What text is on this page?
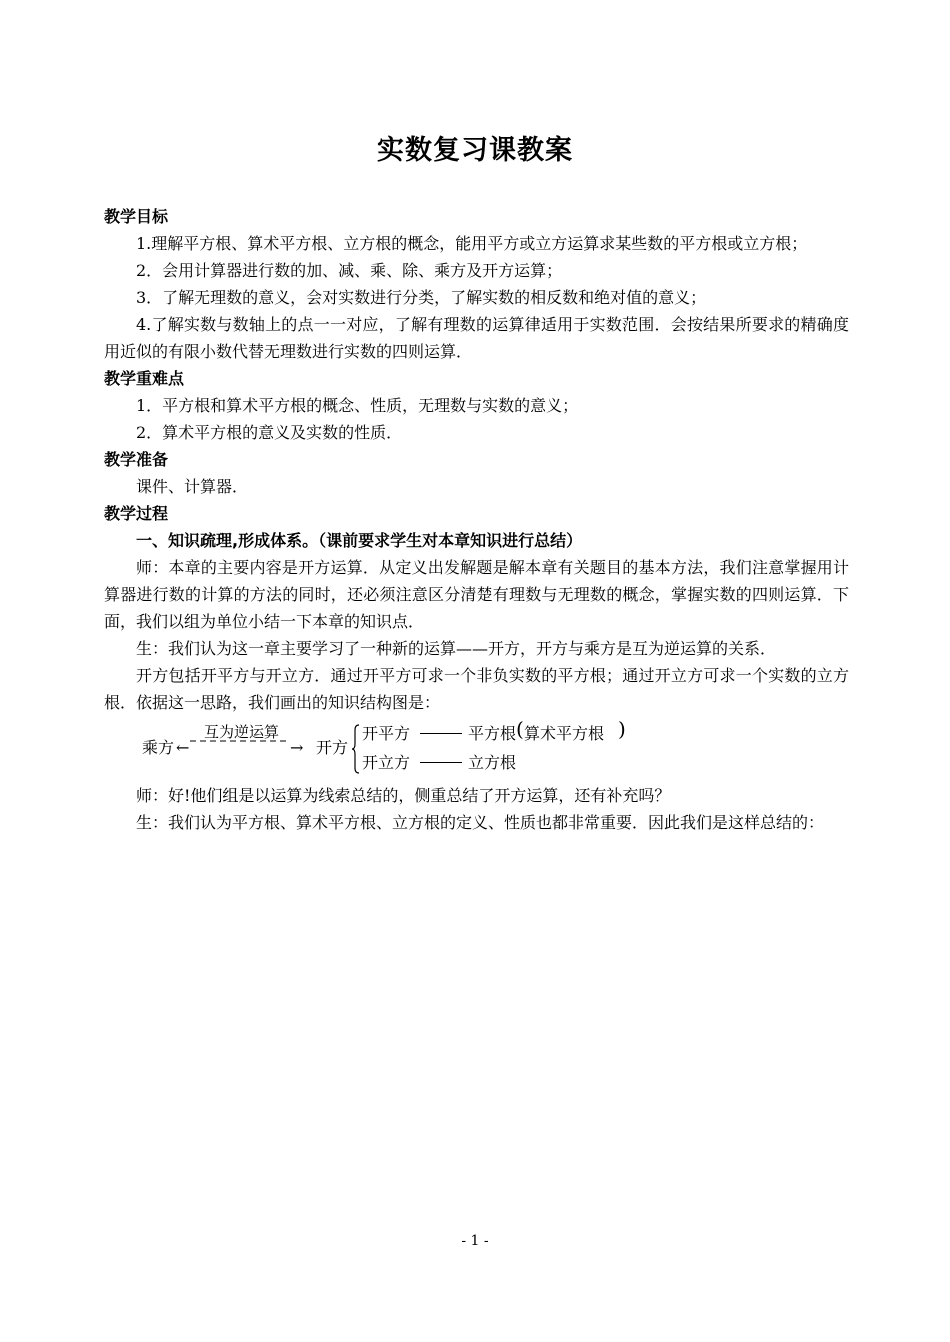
实数复习课教案
教学目标
1.理解平方根、算术平方根、立方根的概念，能用平方或立方运算求某些数的平方根或立方根；
2．会用计算器进行数的加、减、乘、除、乘方及开方运算；
3．了解无理数的意义，会对实数进行分类，了解实数的相反数和绝对值的意义；
4.了解实数与数轴上的点一一对应，了解有理数的运算律适用于实数范围．会按结果所要求的精确度用近似的有限小数代替无理数进行实数的四则运算．
教学重难点
1．平方根和算术平方根的概念、性质，无理数与实数的意义；
2．算术平方根的意义及实数的性质．
教学准备
课件、计算器．
教学过程
一、知识疏理,形成体系。（课前要求学生对本章知识进行总结）
师：本章的主要内容是开方运算．从定义出发解题是解本章有关题目的基本方法，我们注意掌握用计算器进行数的计算的方法的同时，还必须注意区分清楚有理数与无理数的概念，掌握实数的四则运算．下面，我们以组为单位小结一下本章的知识点．
生：我们认为这一章主要学习了一种新的运算——开方，开方与乘方是互为逆运算的关系．
开方包括开平方与开立方．通过开平方可求一个非负实数的平方根；通过开立方可求一个实数的立方根．依据这一思路，我们画出的知识结构图是：
乘方 ←
互为逆运算
→ 开方
开平方	平方根 ( 算术平方根 )
开立方	立方根
师：好!他们组是以运算为线索总结的，侧重总结了开方运算，还有补充吗？
生：我们认为平方根、算术平方根、立方根的定义、性质也都非常重要．因此我们是这样总结的：
- 1 -
